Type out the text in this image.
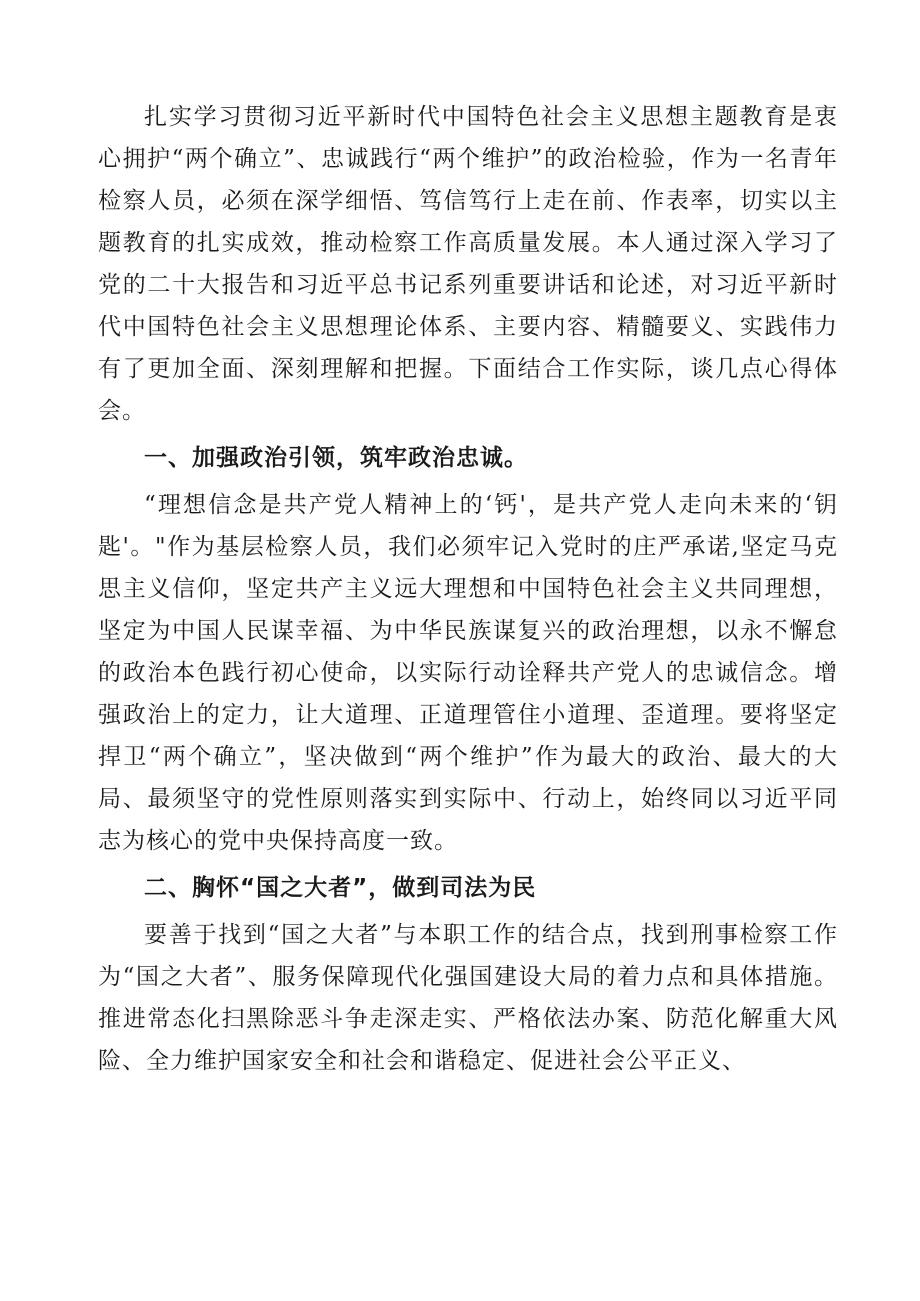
扎实学习贯彻习近平新时代中国特色社会主义思想主题教育是衷心拥护“两个确立”、忠诚践行“两个维护”的政治检验，作为一名青年检察人员，必须在深学细悟、笃信笃行上走在前、作表率，切实以主题教育的扎实成效，推动检察工作高质量发展。本人通过深入学习了党的二十大报告和习近平总书记系列重要讲话和论述，对习近平新时代中国特色社会主义思想理论体系、主要内容、精髓要义、实践伟力有了更加全面、深刻理解和把握。下面结合工作实际，谈几点心得体会。

一、加强政治引领，筑牢政治忠诚。

“理想信念是共产党人精神上的‘钙'，是共产党人走向未来的‘钥匙'。"作为基层检察人员，我们必须牢记入党时的庄严承诺,坚定马克思主义信仰，坚定共产主义远大理想和中国特色社会主义共同理想，坚定为中国人民谋幸福、为中华民族谋复兴的政治理想，以永不懈怠的政治本色践行初心使命，以实际行动诠释共产党人的忠诚信念。增强政治上的定力，让大道理、正道理管住小道理、歪道理。要将坚定捍卫“两个确立”，坚决做到“两个维护”作为最大的政治、最大的大局、最须坚守的党性原则落实到实际中、行动上，始终同以习近平同志为核心的党中央保持高度一致。

二、胸怀“国之大者”，做到司法为民

要善于找到“国之大者”与本职工作的结合点，找到刑事检察工作为“国之大者”、服务保障现代化强国建设大局的着力点和具体措施。推进常态化扫黑除恶斗争走深走实、严格依法办案、防范化解重大风险、全力维护国家安全和社会和谐稳定、促进社会公平正义、
